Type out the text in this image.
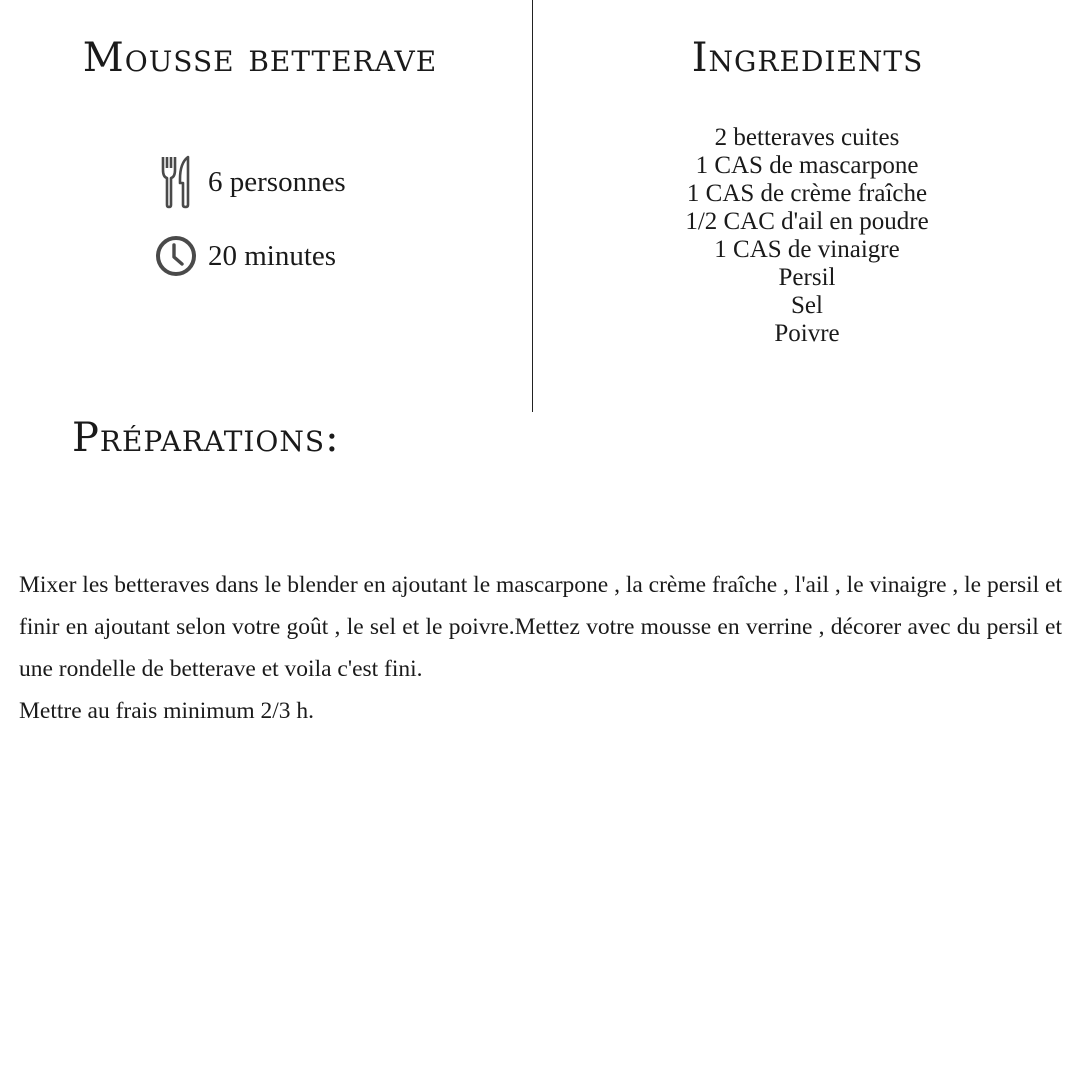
Mousse betterave
6 personnes
20 minutes
Ingredients
2 betteraves cuites
1 CAS de mascarpone
1 CAS de crème fraîche
1/2 CAC d'ail en poudre
1 CAS de vinaigre
Persil
Sel
Poivre
Préparations:

Mixer les betteraves dans le blender en ajoutant le mascarpone , la crème fraîche , l'ail , le vinaigre , le persil et finir en ajoutant selon votre goût , le sel et le poivre.Mettez votre mousse en verrine , décorer avec du persil et une rondelle de betterave et voila c'est fini.

Mettre au frais minimum 2/3 h.
